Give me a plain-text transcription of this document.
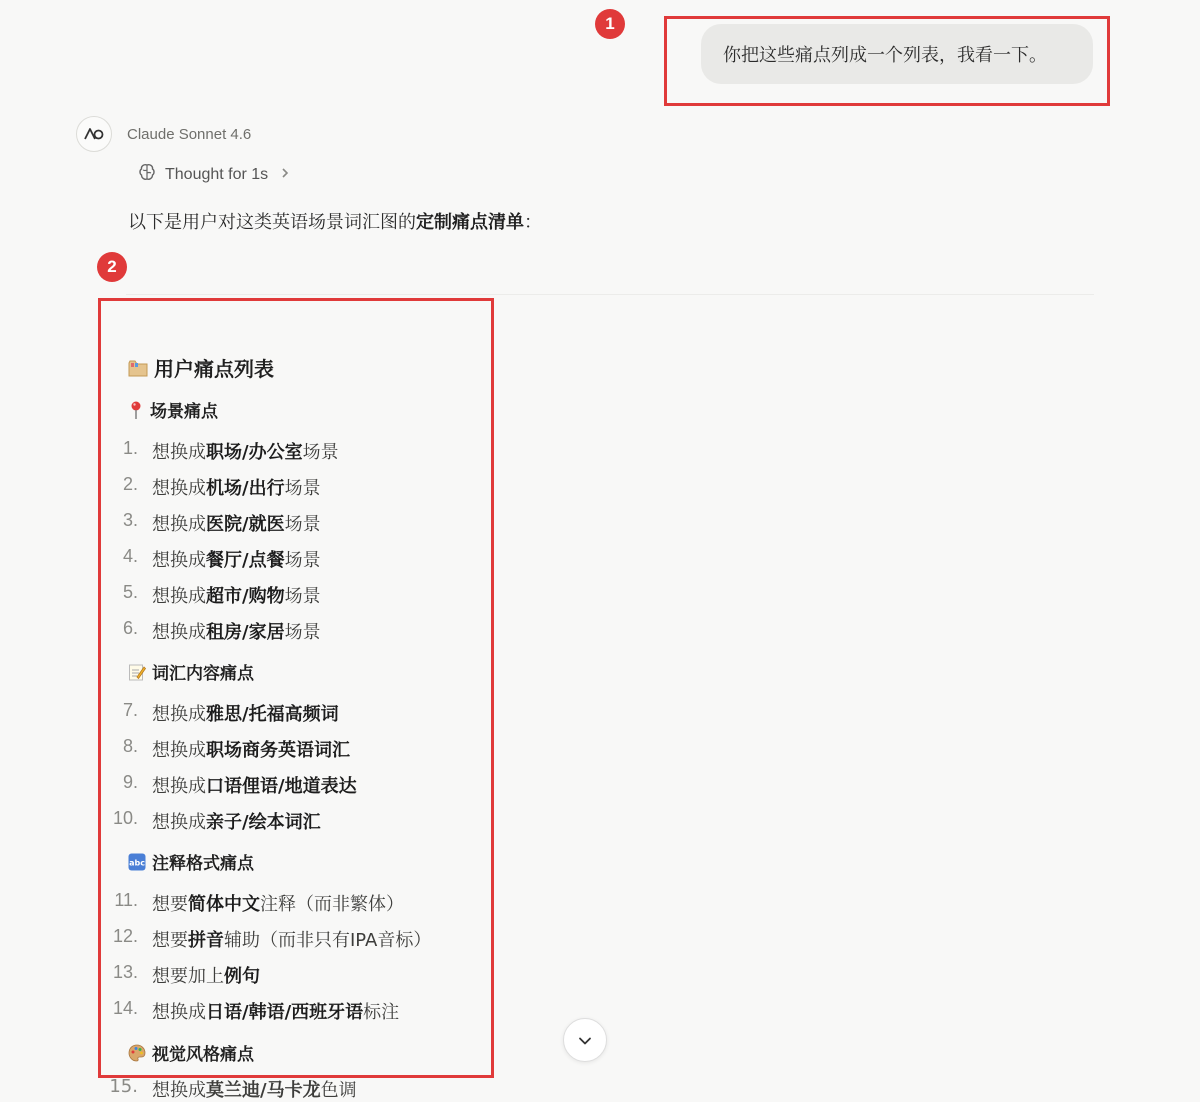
1
2
你把这些痛点列成一个列表，我看一下。
Claude Sonnet 4.6
Thought for 1s
以下是用户对这类英语场景词汇图的定制痛点清单：
用户痛点列表
场景痛点
1. 想换成职场/办公室场景
2. 想换成机场/出行场景
3. 想换成医院/就医场景
4. 想换成餐厅/点餐场景
5. 想换成超市/购物场景
6. 想换成租房/家居场景
词汇内容痛点
7. 想换成雅思/托福高频词
8. 想换成职场商务英语词汇
9. 想换成口语俚语/地道表达
10. 想换成亲子/绘本词汇
abc 注释格式痛点
11. 想要简体中文注释（而非繁体）
12. 想要拼音辅助（而非只有IPA音标）
13. 想要加上例句
14. 想换成日语/韩语/西班牙语标注
视觉风格痛点
15. 想换成莫兰迪/马卡龙色调
